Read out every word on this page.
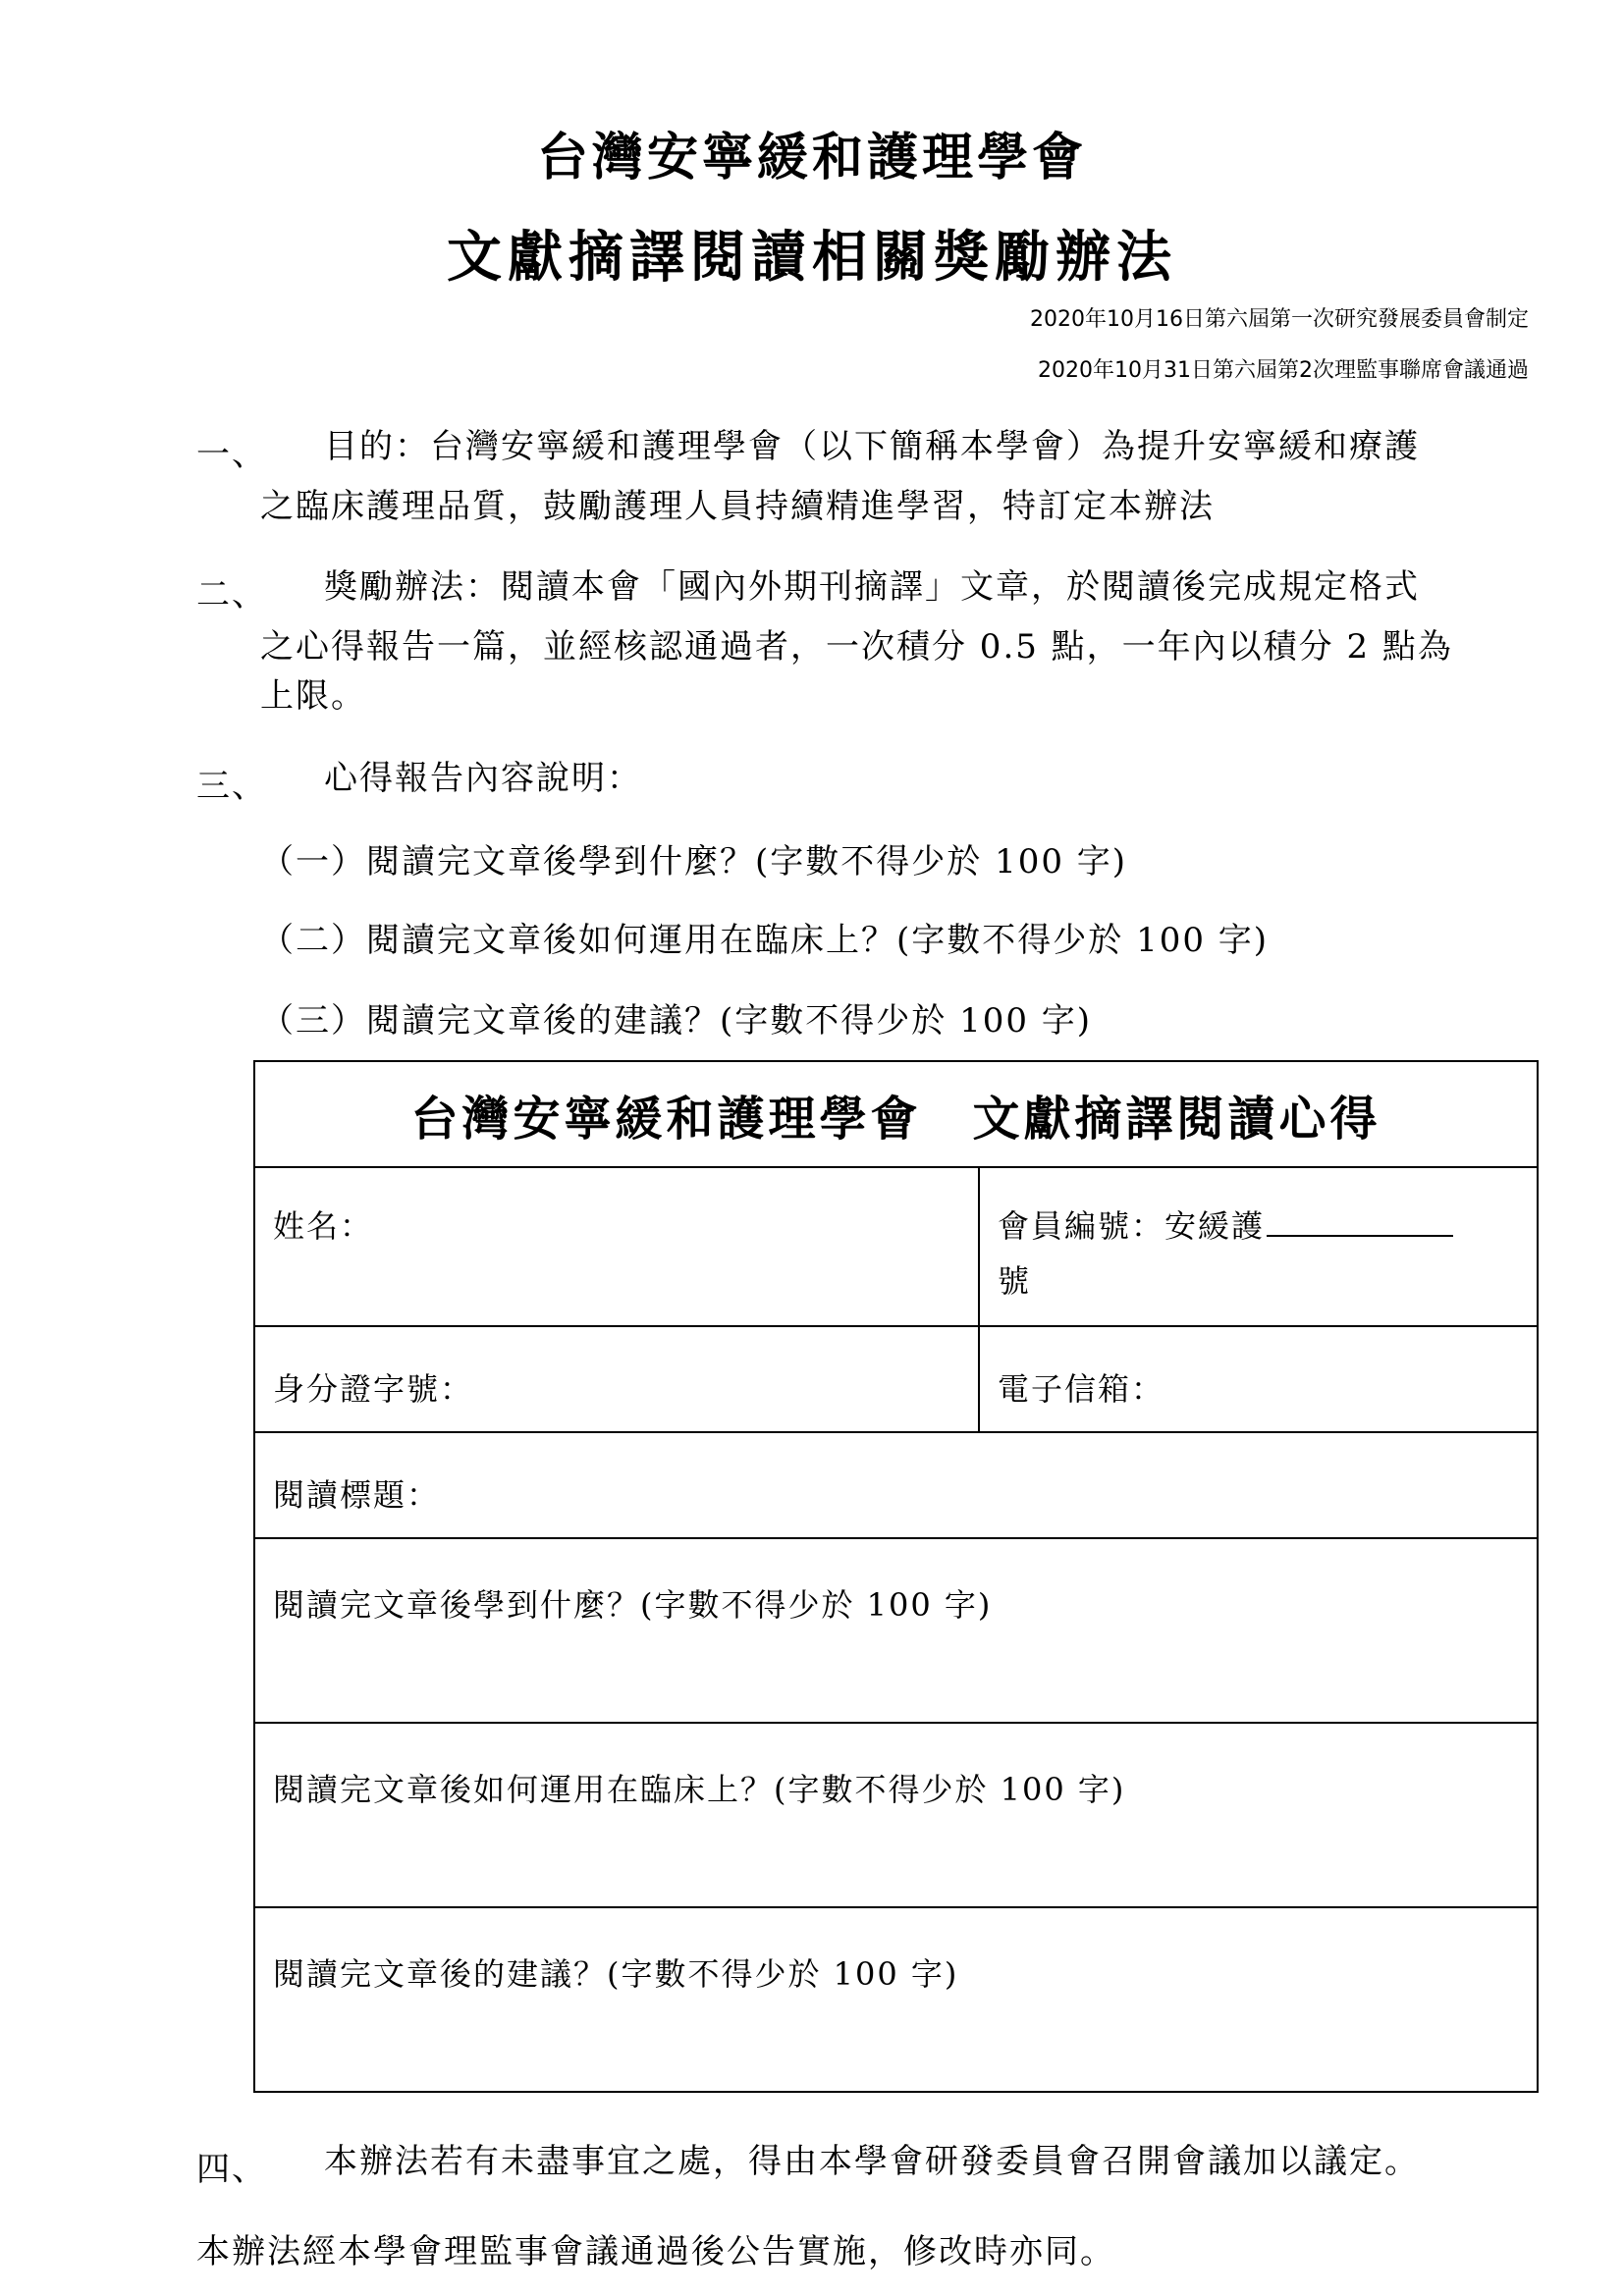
台灣安寧緩和護理學會
文獻摘譯閱讀相關獎勵辦法
2020年10月16日第六屆第一次研究發展委員會制定
2020年10月31日第六屆第2次理監事聯席會議通過
一、 目的：台灣安寧緩和護理學會（以下簡稱本學會）為提升安寧緩和療護
之臨床護理品質，鼓勵護理人員持續精進學習，特訂定本辦法
二、 獎勵辦法：閱讀本會「國內外期刊摘譯」文章，於閱讀後完成規定格式
之心得報告一篇，並經核認通過者，一次積分 0.5 點，一年內以積分 2 點為
上限。
三、 心得報告內容說明：
（一）閱讀完文章後學到什麼？(字數不得少於 100 字)
（二）閱讀完文章後如何運用在臨床上？(字數不得少於 100 字)
（三）閱讀完文章後的建議？(字數不得少於 100 字)
台灣安寧緩和護理學會　文獻摘譯閱讀心得	
姓名：	會員編號：安緩護
號
身分證字號：	電子信箱：
閱讀標題：	
閱讀完文章後學到什麼？(字數不得少於 100 字)	
閱讀完文章後如何運用在臨床上？(字數不得少於 100 字)	
閱讀完文章後的建議？(字數不得少於 100 字)	
四、 本辦法若有未盡事宜之處，得由本學會研發委員會召開會議加以議定。
本辦法經本學會理監事會議通過後公告實施，修改時亦同。
